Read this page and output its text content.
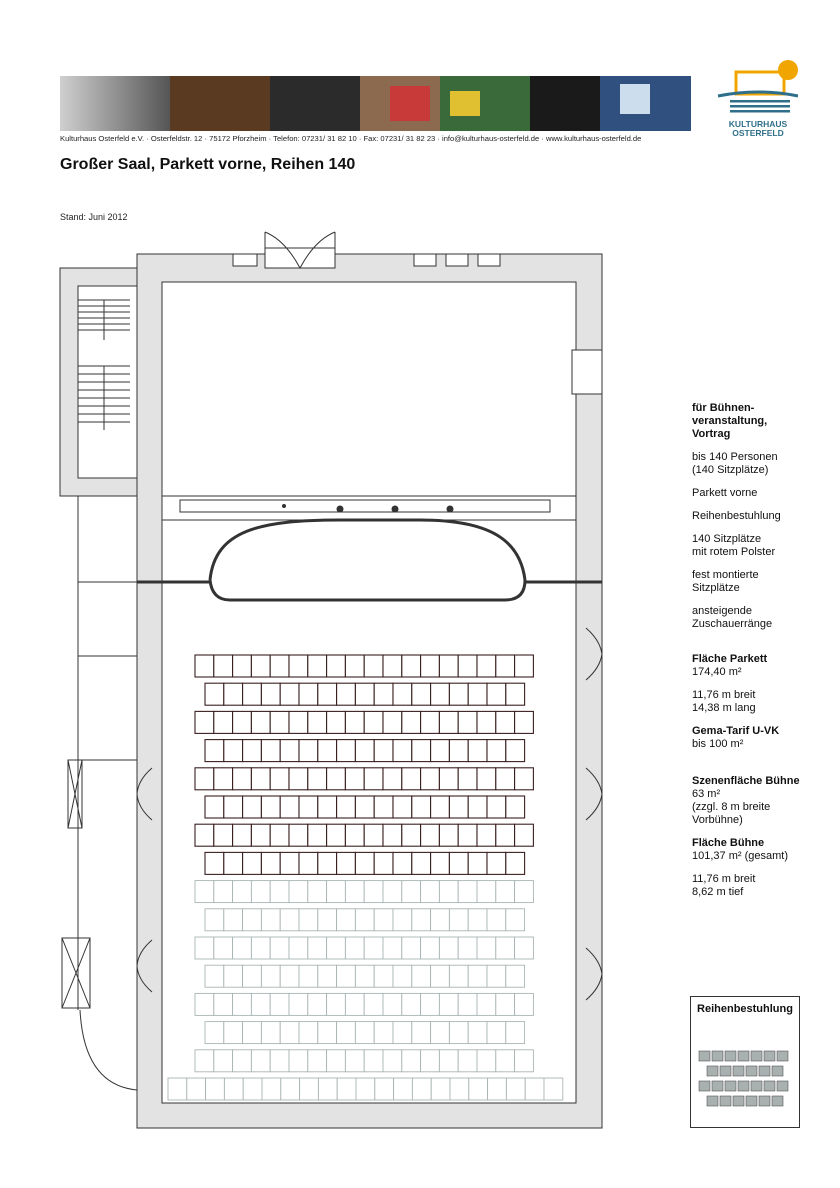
Kulturhaus Osterfeld e.V. · Osterfeldstr. 12 · 75172 Pforzheim · Telefon: 07231/ 31 82 10 · Fax: 07231/ 31 82 23 · info@kulturhaus-osterfeld.de · www.kulturhaus-osterfeld.de
KULTURHAUS
OSTERFELD
Großer Saal, Parkett vorne, Reihen 140
Stand: Juni 2012
für Bühnen-
veranstaltung,
Vortrag
bis 140 Personen
(140 Sitzplätze)
Parkett vorne
Reihenbestuhlung
140 Sitzplätze
mit rotem Polster
fest montierte
Sitzplätze
ansteigende
Zuschauerränge
Fläche Parkett
174,40 m²
11,76 m breit
14,38 m lang
Gema-Tarif U-VK
bis 100 m²
Szenenfläche Bühne
63 m²
(zzgl. 8 m breite
Vorbühne)
Fläche Bühne
101,37 m² (gesamt)
11,76 m breit
8,62 m tief
Reihenbestuhlung
